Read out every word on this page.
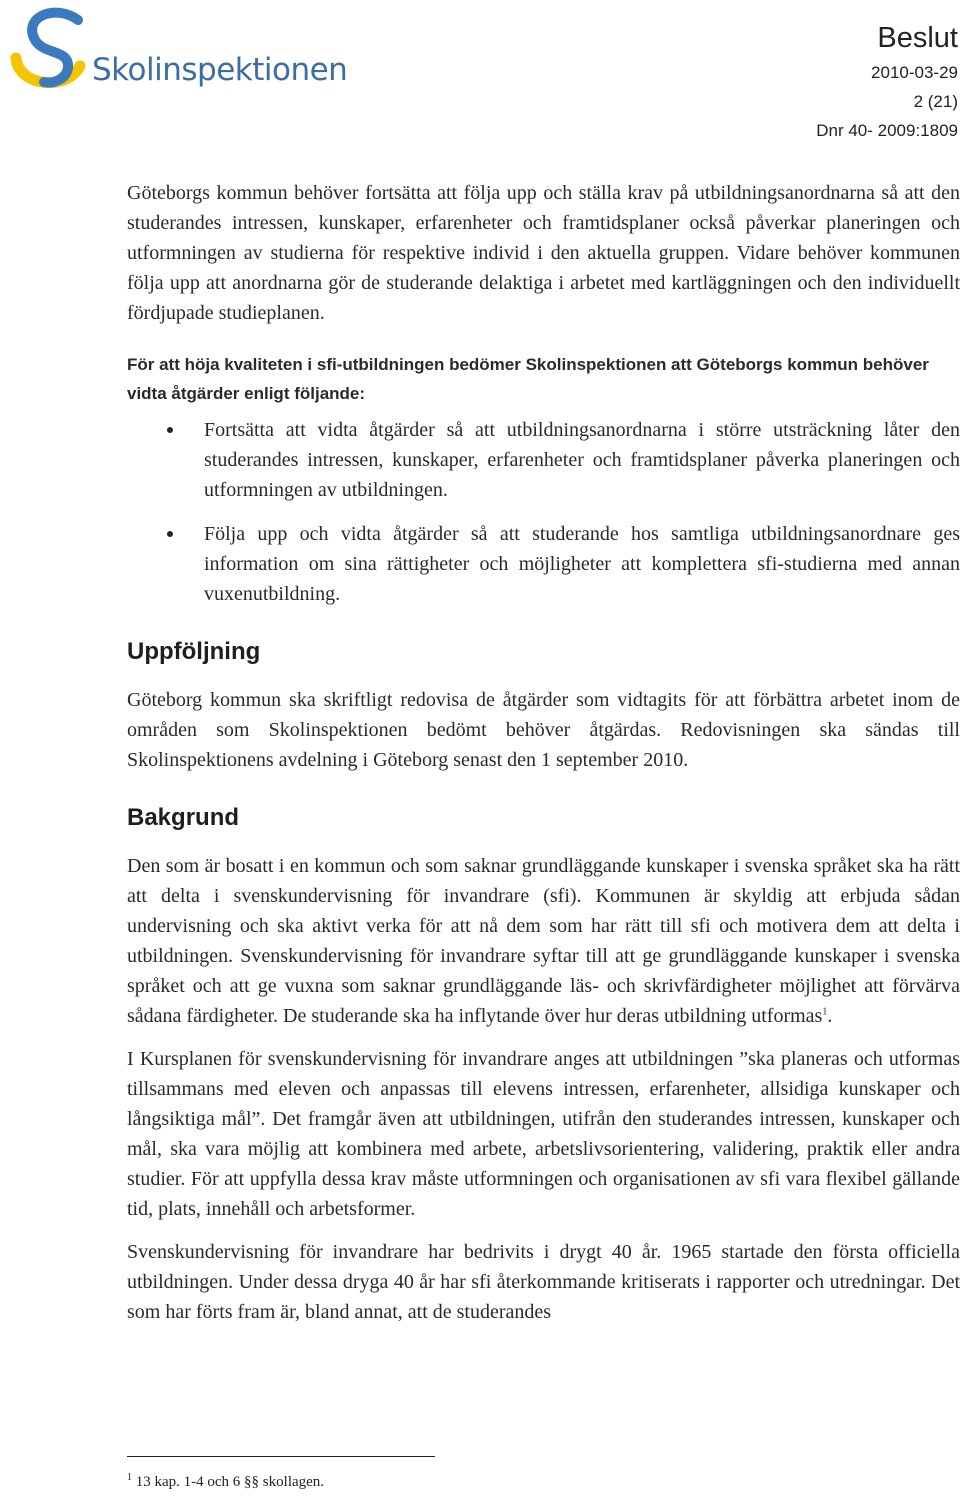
Skolinspektionen
Beslut
2010-03-29
2 (21)
Dnr 40- 2009:1809

Göteborgs kommun behöver fortsätta att följa upp och ställa krav på utbildningsanordnarna så att den studerandes intressen, kunskaper, erfarenheter och framtidsplaner också påverkar planeringen och utformningen av studierna för respektive individ i den aktuella gruppen. Vidare behöver kommunen följa upp att anordnarna gör de studerande delaktiga i arbetet med kartläggningen och den individuellt fördjupade studieplanen.

För att höja kvaliteten i sfi-utbildningen bedömer Skolinspektionen att Göteborgs kommun behöver vidta åtgärder enligt följande:

Fortsätta att vidta åtgärder så att utbildningsanordnarna i större utsträckning låter den studerandes intressen, kunskaper, erfarenheter och framtidsplaner påverka planeringen och utformningen av utbildningen.
Följa upp och vidta åtgärder så att studerande hos samtliga utbildningsanordnare ges information om sina rättigheter och möjligheter att komplettera sfi-studierna med annan vuxenutbildning.
Uppföljning

Göteborg kommun ska skriftligt redovisa de åtgärder som vidtagits för att förbättra arbetet inom de områden som Skolinspektionen bedömt behöver åtgärdas. Redovisningen ska sändas till Skolinspektionens avdelning i Göteborg senast den 1 september 2010.

Bakgrund

Den som är bosatt i en kommun och som saknar grundläggande kunskaper i svenska språket ska ha rätt att delta i svenskundervisning för invandrare (sfi). Kommunen är skyldig att erbjuda sådan undervisning och ska aktivt verka för att nå dem som har rätt till sfi och motivera dem att delta i utbildningen. Svenskundervisning för invandrare syftar till att ge grundläggande kunskaper i svenska språket och att ge vuxna som saknar grundläggande läs- och skrivfärdigheter möjlighet att förvärva sådana färdigheter. De studerande ska ha inflytande över hur deras utbildning utformas$^1$.

I Kursplanen för svenskundervisning för invandrare anges att utbildningen ”ska planeras och utformas tillsammans med eleven och anpassas till elevens intressen, erfarenheter, allsidiga kunskaper och långsiktiga mål”. Det framgår även att utbildningen, utifrån den studerandes intressen, kunskaper och mål, ska vara möjlig att kombinera med arbete, arbetslivsorientering, validering, praktik eller andra studier. För att uppfylla dessa krav måste utformningen och organisationen av sfi vara flexibel gällande tid, plats, innehåll och arbetsformer.

Svenskundervisning för invandrare har bedrivits i drygt 40 år. 1965 startade den första officiella utbildningen. Under dessa dryga 40 år har sfi återkommande kritiserats i rapporter och utredningar. Det som har förts fram är, bland annat, att de studerandes

$^1$ 13 kap. 1-4 och 6 §§ skollagen.
